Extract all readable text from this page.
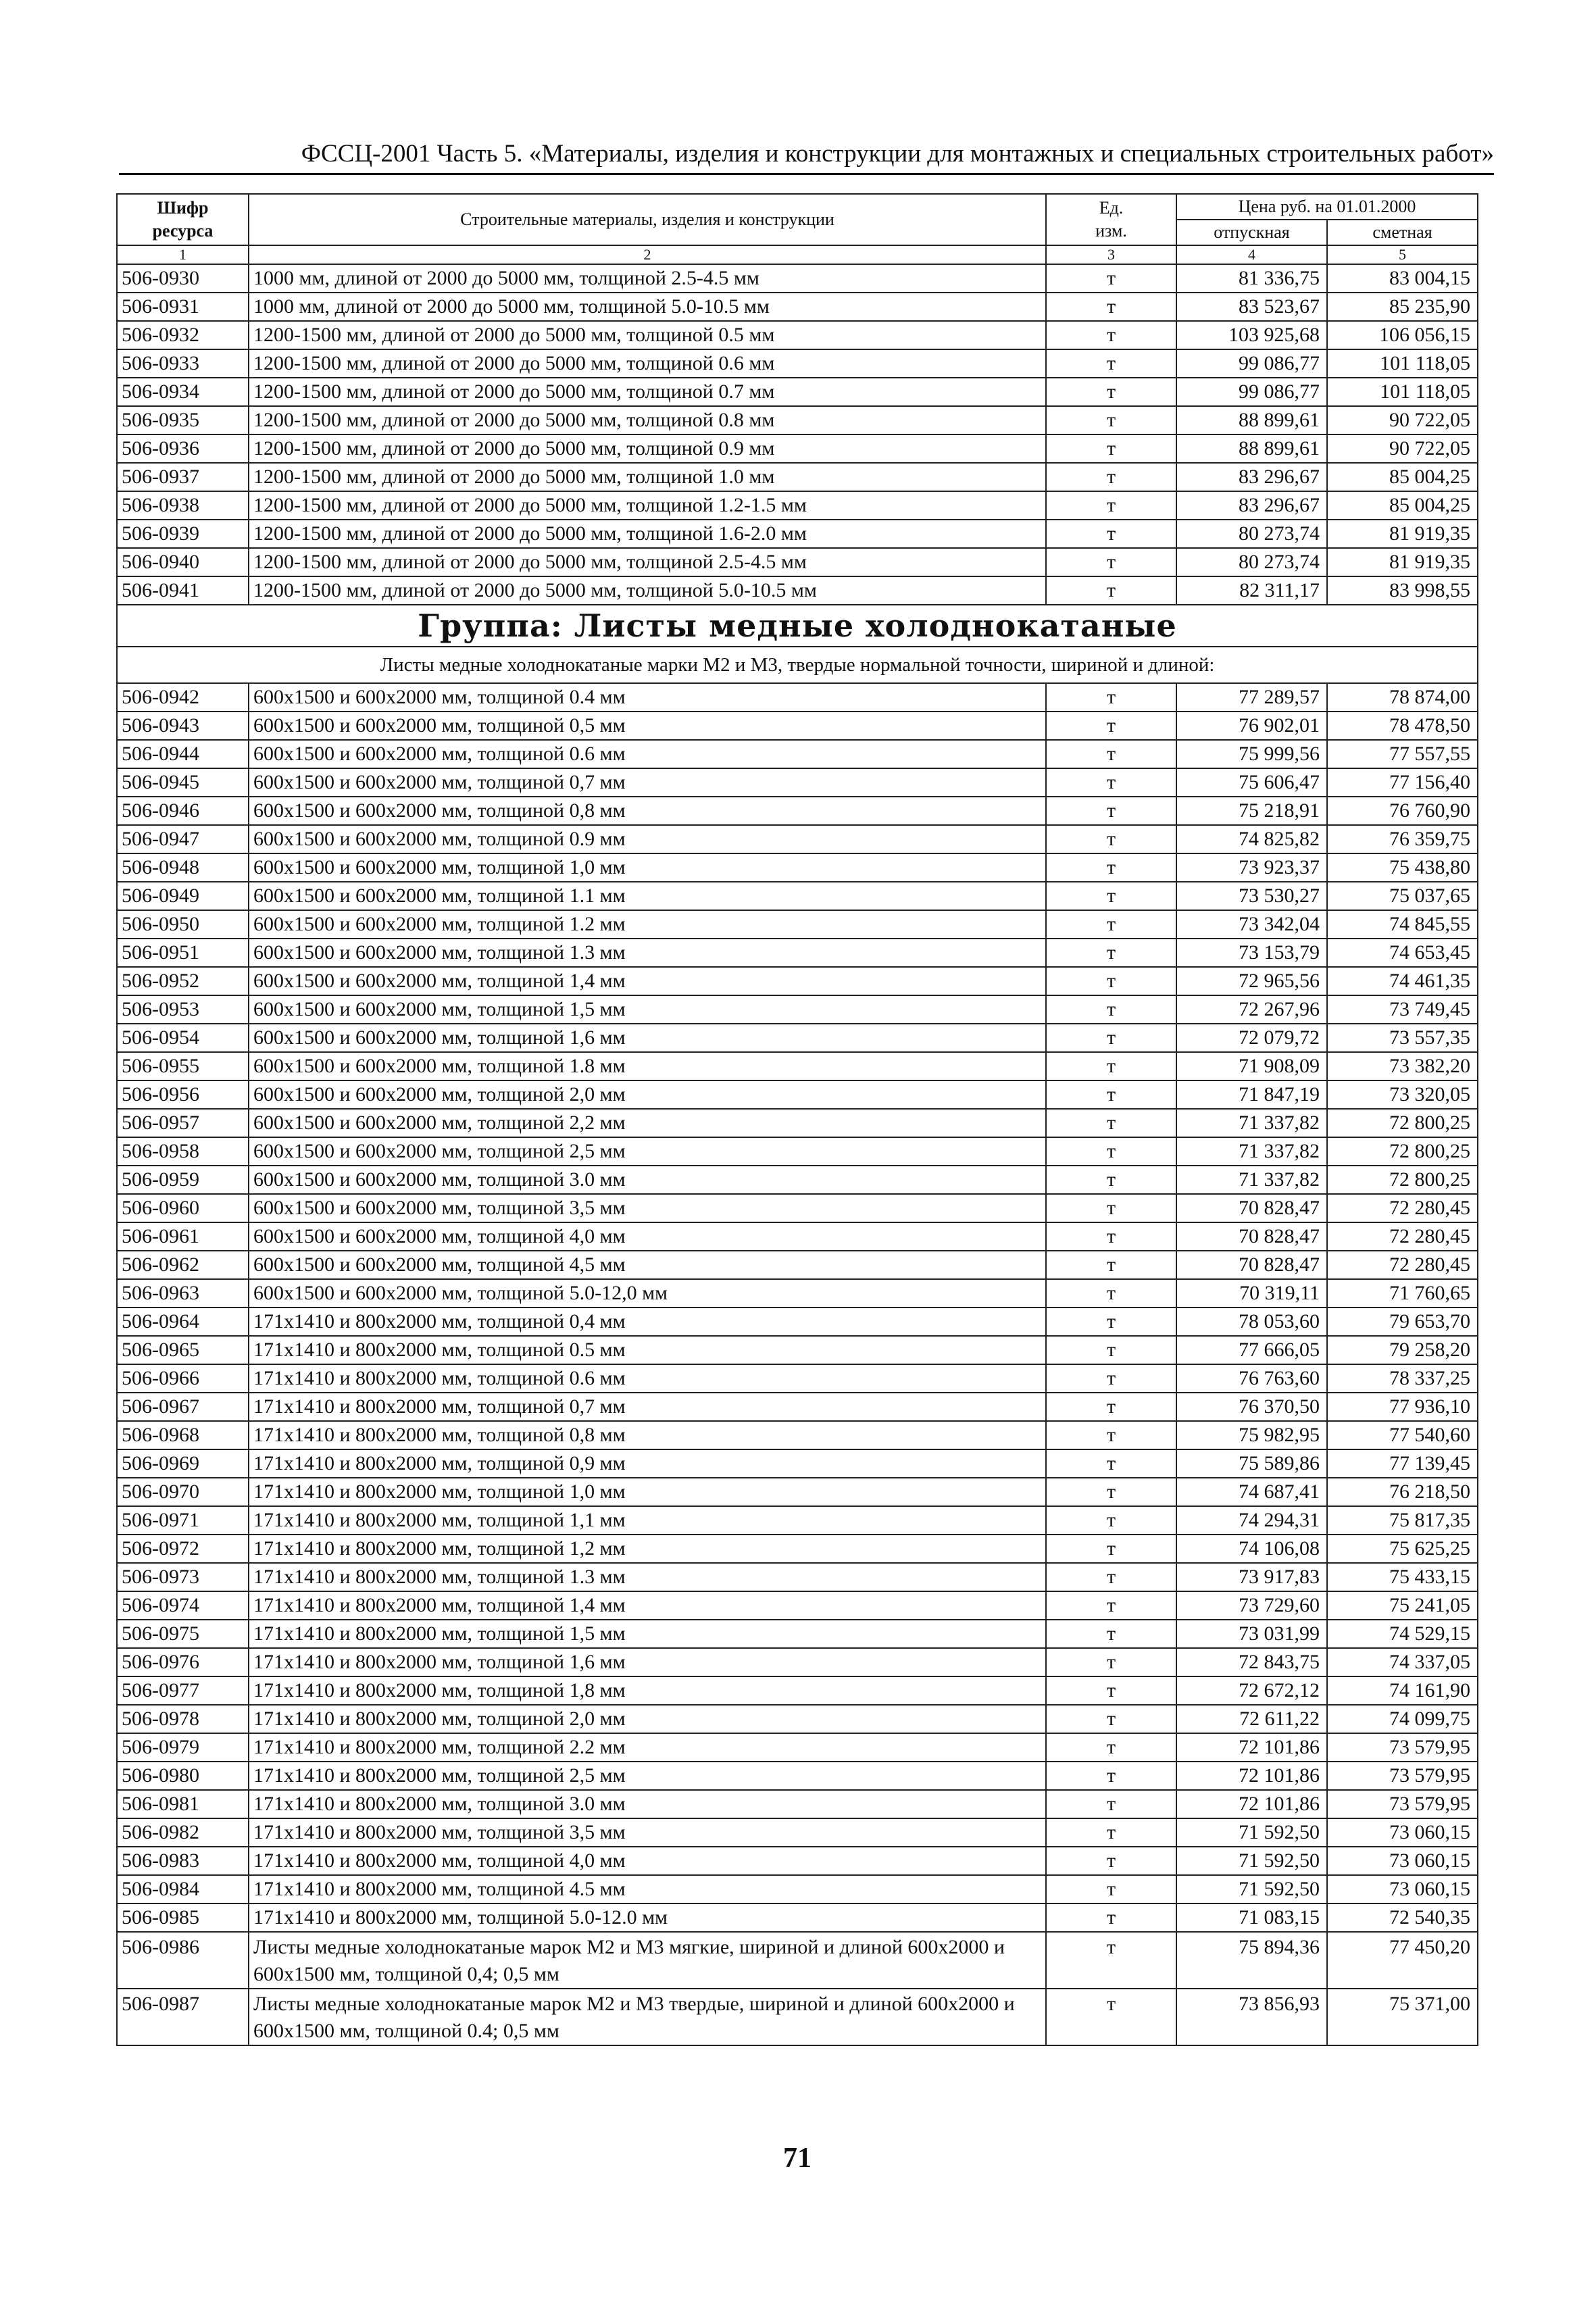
ФССЦ-2001 Часть 5. «Материалы, изделия и конструкции для монтажных и специальных строительных работ»
Шифр
ресурса	Строительные материалы, изделия и конструкции	Ед.
изм.	Цена руб. на 01.01.2000	
			отпускная	сметная
1	2	3	4	5
506-0930	1000 мм, длиной от 2000 до 5000 мм, толщиной 2.5-4.5 мм	т	81 336,75	83 004,15
506-0931	1000 мм, длиной от 2000 до 5000 мм, толщиной 5.0-10.5 мм	т	83 523,67	85 235,90
506-0932	1200-1500 мм, длиной от 2000 до 5000 мм, толщиной 0.5 мм	т	103 925,68	106 056,15
506-0933	1200-1500 мм, длиной от 2000 до 5000 мм, толщиной 0.6 мм	т	99 086,77	101 118,05
506-0934	1200-1500 мм, длиной от 2000 до 5000 мм, толщиной 0.7 мм	т	99 086,77	101 118,05
506-0935	1200-1500 мм, длиной от 2000 до 5000 мм, толщиной 0.8 мм	т	88 899,61	90 722,05
506-0936	1200-1500 мм, длиной от 2000 до 5000 мм, толщиной 0.9 мм	т	88 899,61	90 722,05
506-0937	1200-1500 мм, длиной от 2000 до 5000 мм, толщиной 1.0 мм	т	83 296,67	85 004,25
506-0938	1200-1500 мм, длиной от 2000 до 5000 мм, толщиной 1.2-1.5 мм	т	83 296,67	85 004,25
506-0939	1200-1500 мм, длиной от 2000 до 5000 мм, толщиной 1.6-2.0 мм	т	80 273,74	81 919,35
506-0940	1200-1500 мм, длиной от 2000 до 5000 мм, толщиной 2.5-4.5 мм	т	80 273,74	81 919,35
506-0941	1200-1500 мм, длиной от 2000 до 5000 мм, толщиной 5.0-10.5 мм	т	82 311,17	83 998,55
Группа: Листы медные холоднокатаные				
Листы медные холоднокатаные марки М2 и М3, твердые нормальной точности, шириной и длиной:				
506-0942	600x1500 и 600x2000 мм, толщиной 0.4 мм	т	77 289,57	78 874,00
506-0943	600x1500 и 600x2000 мм, толщиной 0,5 мм	т	76 902,01	78 478,50
506-0944	600x1500 и 600x2000 мм, толщиной 0.6 мм	т	75 999,56	77 557,55
506-0945	600x1500 и 600x2000 мм, толщиной 0,7 мм	т	75 606,47	77 156,40
506-0946	600x1500 и 600x2000 мм, толщиной 0,8 мм	т	75 218,91	76 760,90
506-0947	600x1500 и 600x2000 мм, толщиной 0.9 мм	т	74 825,82	76 359,75
506-0948	600x1500 и 600x2000 мм, толщиной 1,0 мм	т	73 923,37	75 438,80
506-0949	600x1500 и 600x2000 мм, толщиной 1.1 мм	т	73 530,27	75 037,65
506-0950	600x1500 и 600x2000 мм, толщиной 1.2 мм	т	73 342,04	74 845,55
506-0951	600x1500 и 600x2000 мм, толщиной 1.3 мм	т	73 153,79	74 653,45
506-0952	600x1500 и 600x2000 мм, толщиной 1,4 мм	т	72 965,56	74 461,35
506-0953	600x1500 и 600x2000 мм, толщиной 1,5 мм	т	72 267,96	73 749,45
506-0954	600x1500 и 600x2000 мм, толщиной 1,6 мм	т	72 079,72	73 557,35
506-0955	600x1500 и 600x2000 мм, толщиной 1.8 мм	т	71 908,09	73 382,20
506-0956	600x1500 и 600x2000 мм, толщиной 2,0 мм	т	71 847,19	73 320,05
506-0957	600x1500 и 600x2000 мм, толщиной 2,2 мм	т	71 337,82	72 800,25
506-0958	600x1500 и 600x2000 мм, толщиной 2,5 мм	т	71 337,82	72 800,25
506-0959	600x1500 и 600x2000 мм, толщиной 3.0 мм	т	71 337,82	72 800,25
506-0960	600x1500 и 600x2000 мм, толщиной 3,5 мм	т	70 828,47	72 280,45
506-0961	600x1500 и 600x2000 мм, толщиной 4,0 мм	т	70 828,47	72 280,45
506-0962	600x1500 и 600x2000 мм, толщиной 4,5 мм	т	70 828,47	72 280,45
506-0963	600x1500 и 600x2000 мм, толщиной 5.0-12,0 мм	т	70 319,11	71 760,65
506-0964	171x1410 и 800x2000 мм, толщиной 0,4 мм	т	78 053,60	79 653,70
506-0965	171x1410 и 800x2000 мм, толщиной 0.5 мм	т	77 666,05	79 258,20
506-0966	171x1410 и 800x2000 мм, толщиной 0.6 мм	т	76 763,60	78 337,25
506-0967	171x1410 и 800x2000 мм, толщиной 0,7 мм	т	76 370,50	77 936,10
506-0968	171x1410 и 800x2000 мм, толщиной 0,8 мм	т	75 982,95	77 540,60
506-0969	171x1410 и 800x2000 мм, толщиной 0,9 мм	т	75 589,86	77 139,45
506-0970	171x1410 и 800x2000 мм, толщиной 1,0 мм	т	74 687,41	76 218,50
506-0971	171x1410 и 800x2000 мм, толщиной 1,1 мм	т	74 294,31	75 817,35
506-0972	171x1410 и 800x2000 мм, толщиной 1,2 мм	т	74 106,08	75 625,25
506-0973	171x1410 и 800x2000 мм, толщиной 1.3 мм	т	73 917,83	75 433,15
506-0974	171x1410 и 800x2000 мм, толщиной 1,4 мм	т	73 729,60	75 241,05
506-0975	171x1410 и 800x2000 мм, толщиной 1,5 мм	т	73 031,99	74 529,15
506-0976	171x1410 и 800x2000 мм, толщиной 1,6 мм	т	72 843,75	74 337,05
506-0977	171x1410 и 800x2000 мм, толщиной 1,8 мм	т	72 672,12	74 161,90
506-0978	171x1410 и 800x2000 мм, толщиной 2,0 мм	т	72 611,22	74 099,75
506-0979	171x1410 и 800x2000 мм, толщиной 2.2 мм	т	72 101,86	73 579,95
506-0980	171x1410 и 800x2000 мм, толщиной 2,5 мм	т	72 101,86	73 579,95
506-0981	171x1410 и 800x2000 мм, толщиной 3.0 мм	т	72 101,86	73 579,95
506-0982	171x1410 и 800x2000 мм, толщиной 3,5 мм	т	71 592,50	73 060,15
506-0983	171x1410 и 800x2000 мм, толщиной 4,0 мм	т	71 592,50	73 060,15
506-0984	171x1410 и 800x2000 мм, толщиной 4.5 мм	т	71 592,50	73 060,15
506-0985	171x1410 и 800x2000 мм, толщиной 5.0-12.0 мм	т	71 083,15	72 540,35
506-0986	Листы медные холоднокатаные марок М2 и М3 мягкие, шириной и длиной 600x2000 и 600x1500 мм, толщиной 0,4; 0,5 мм	т	75 894,36	77 450,20
506-0987	Листы медные холоднокатаные марок М2 и М3 твердые, шириной и длиной 600x2000 и 600x1500 мм, толщиной 0.4; 0,5 мм	т	73 856,93	75 371,00
71
